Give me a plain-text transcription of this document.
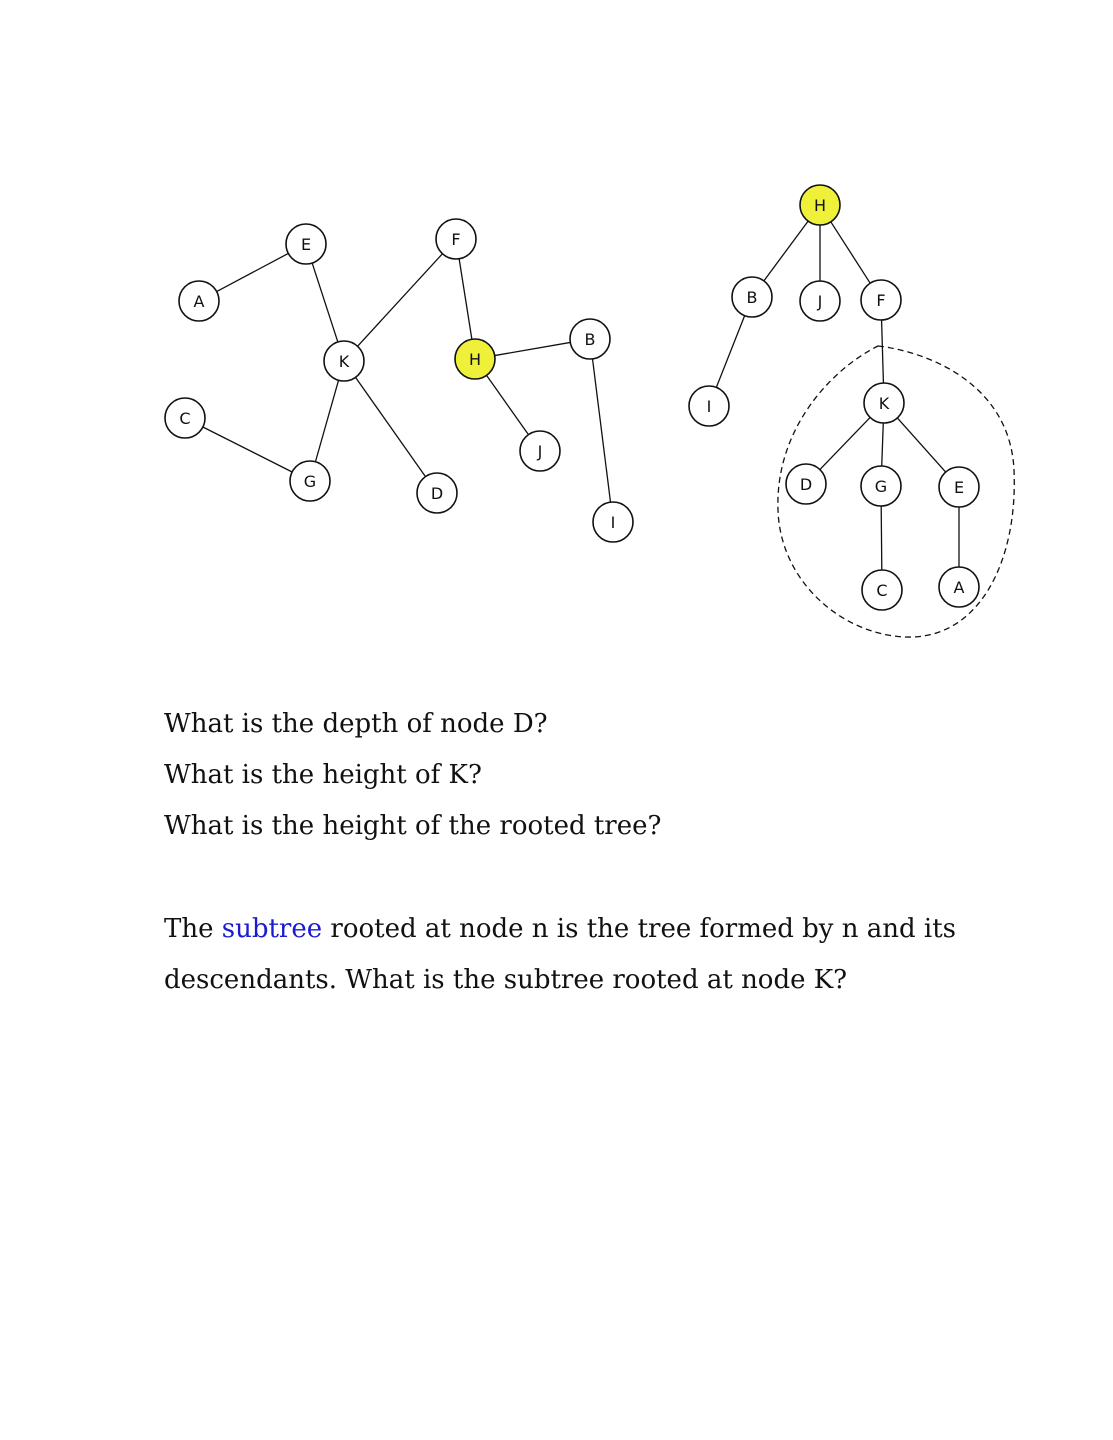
A
E	F
K	H
B
C
G
D
J
I
H
B	J	F
I	K
D	G	E
C	A

What is the depth of node D?

What is the height of K?

What is the height of the rooted tree?

The subtree rooted at node n is the tree formed by n and its

descendants. What is the subtree rooted at node K?
